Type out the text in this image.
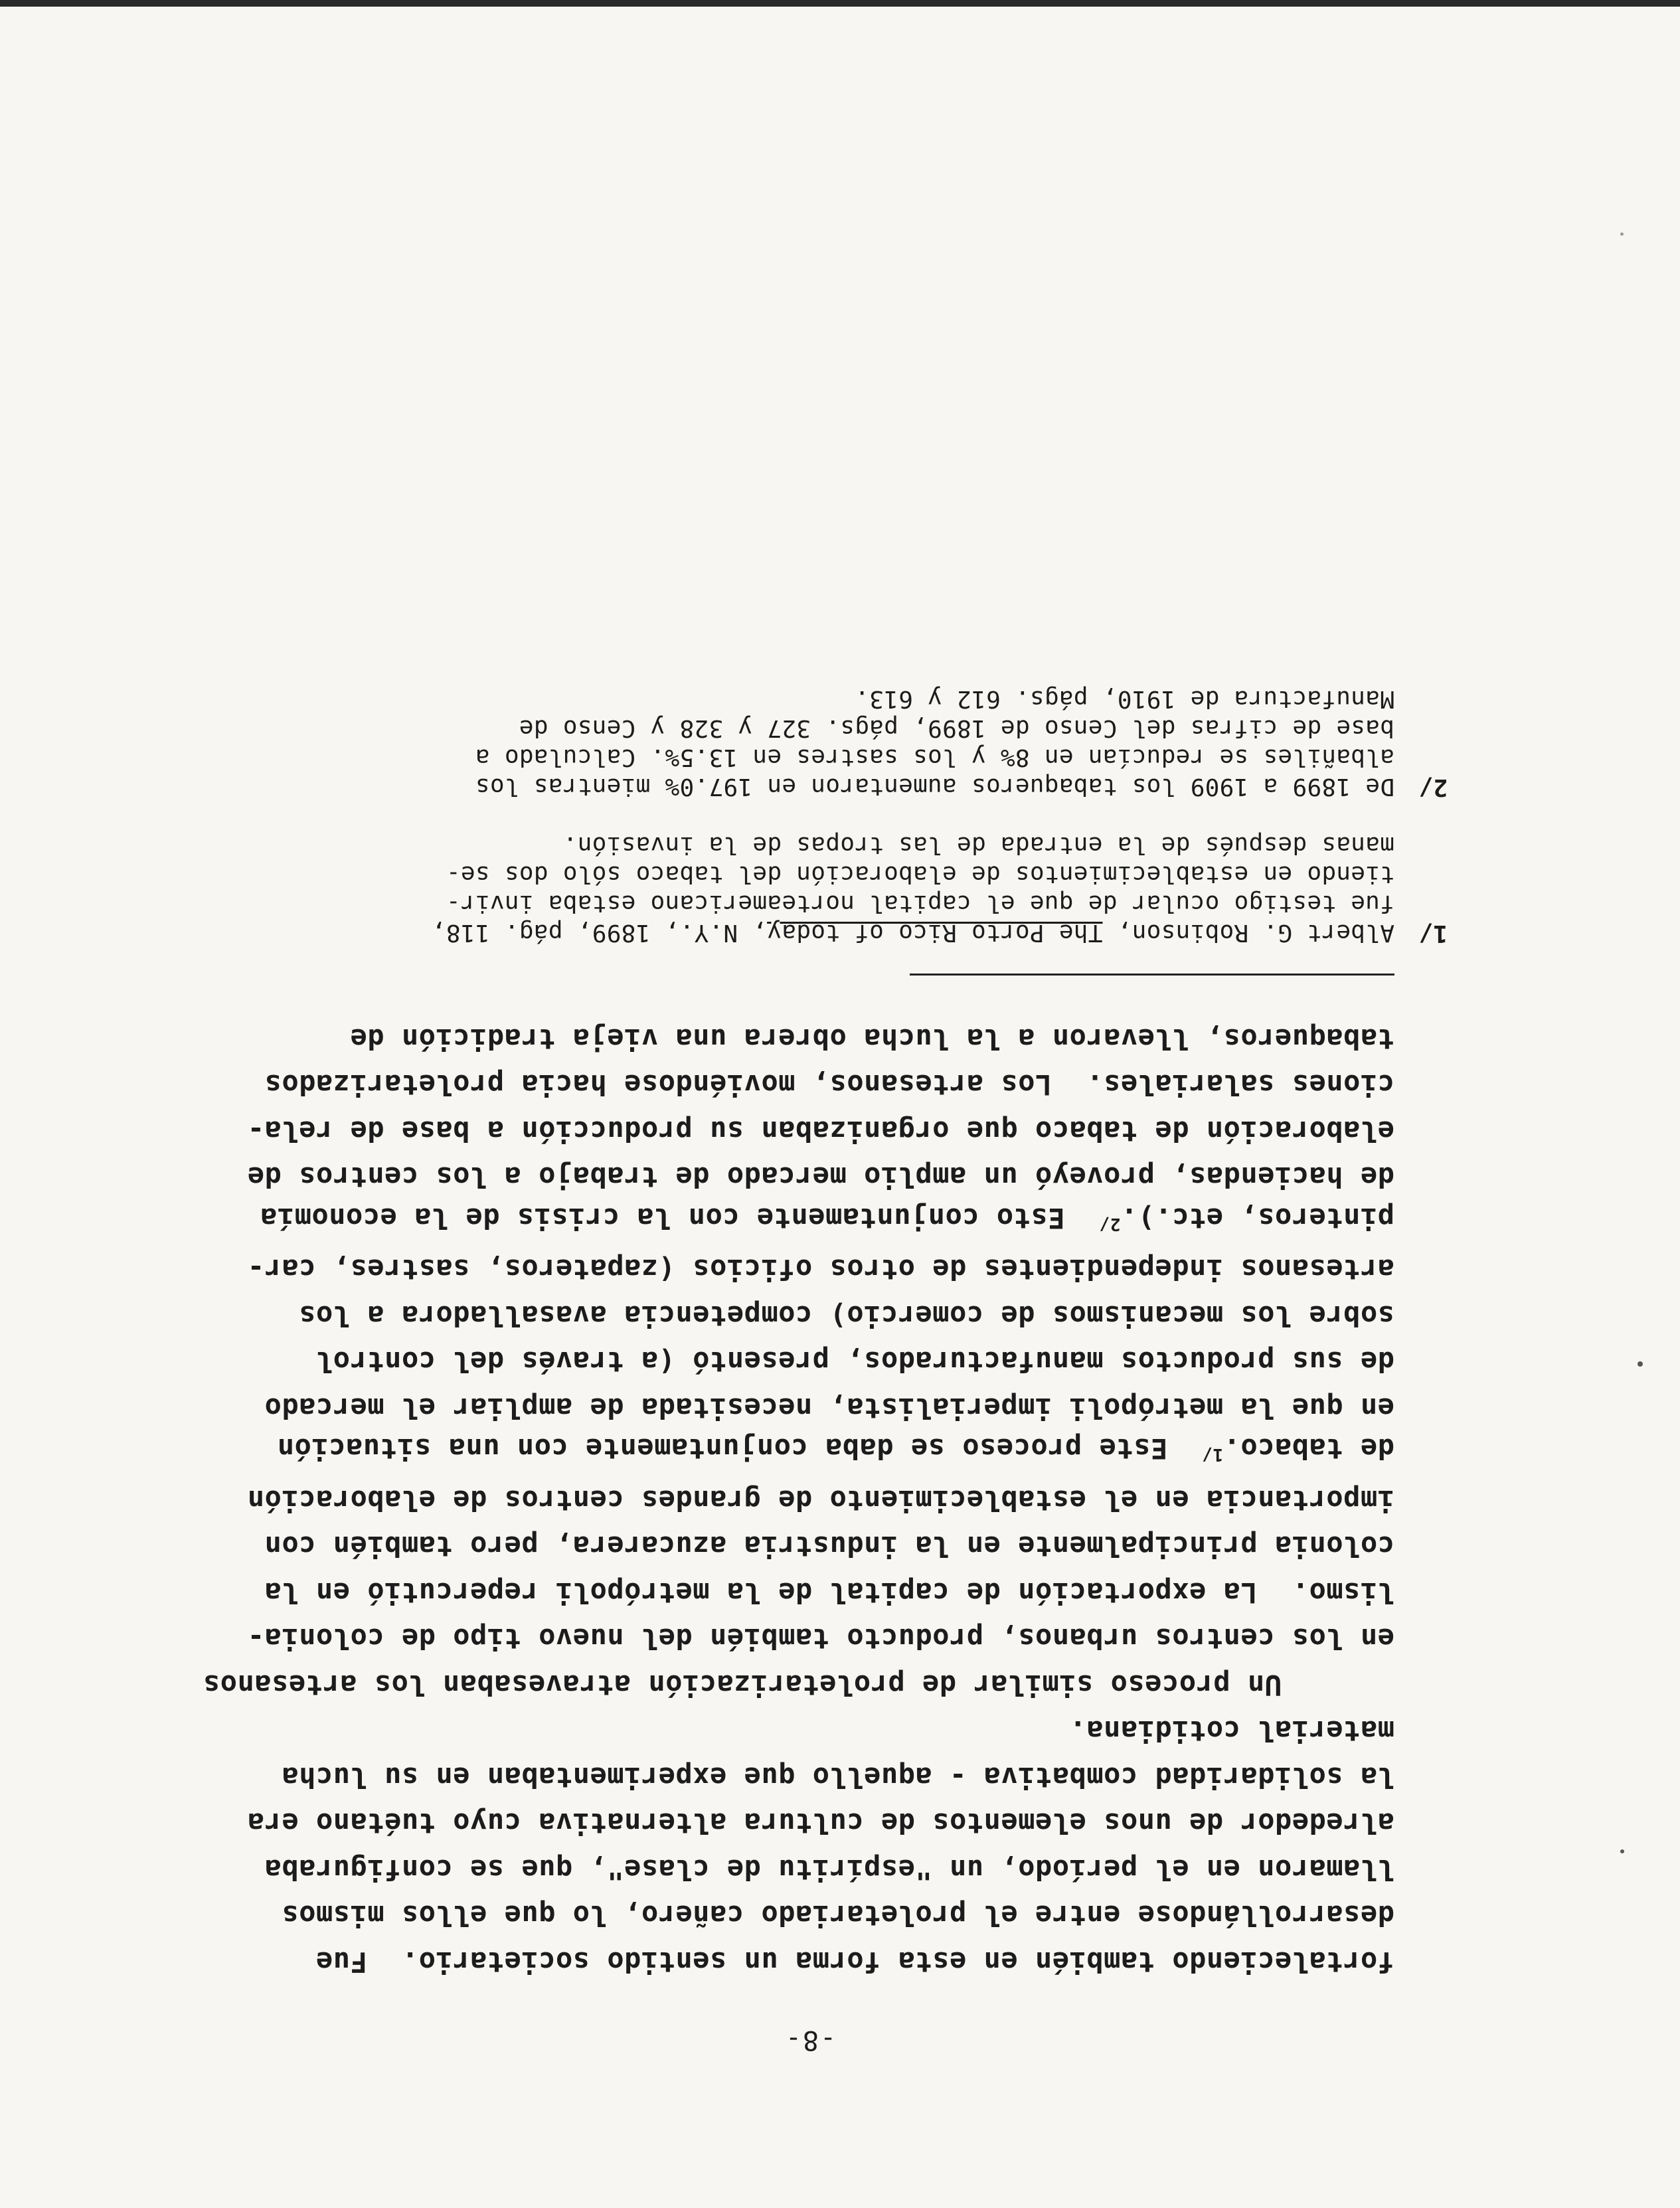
-8-
fortaleciendo también en esta forma un sentido societario.  Fue
desarrollándose entre el proletariado cañero, lo que ellos mismos
llamaron en el período, un "espíritu de clase", que se configuraba
alrededor de unos elementos de cultura alternativa cuyo tuétano era
la solidaridad combativa - aquello que experimentaban en su lucha
material cotidiana.
Un proceso similar de proletarización atravesaban los artesanos
en los centros urbanos, producto también del nuevo tipo de colonia-
lismo.  La exportación de capital de la metrópoli repercutió en la
colonia principalmente en la industria azucarera, pero también con
importancia en el establecimiento de grandes centros de elaboración
de tabaco.$^{1/}$  Este proceso se daba conjuntamente con una situación
en que la metrópoli imperialista, necesitada de ampliar el mercado
de sus productos manufacturados, presentó (a través del control
sobre los mecanismos de comercio) competencia avasalladora a los
artesanos independientes de otros oficios (zapateros, sastres, car-
pinteros, etc.).$^{2/}$  Esto conjuntamente con la crisis de la economía
de haciendas, proveyó un amplio mercado de trabajo a los centros de
elaboración de tabaco que organizaban su producción a base de rela-
ciones salariales.  Los artesanos, moviéndose hacia proletarizados
tabaqueros, llevaron a la lucha obrera una vieja tradición de
1/
Albert G. Robinson, The Porto Rico of today, N.Y., 1899, pág. 118,
fue testigo ocular de que el capital norteamericano estaba invir-
tiendo en establecimientos de elaboración del tabaco sólo dos se-
manas después de la entrada de las tropas de la invasión.
2/
De 1899 a 1909 los tabaqueros aumentaron en 197.0% mientras los
albañiles se reducían en 8% y los sastres en 13.5%. Calculado a
base de cifras del Censo de 1899, págs. 327 y 328 y Censo de
Manufactura de 1910, págs. 612 y 613.
